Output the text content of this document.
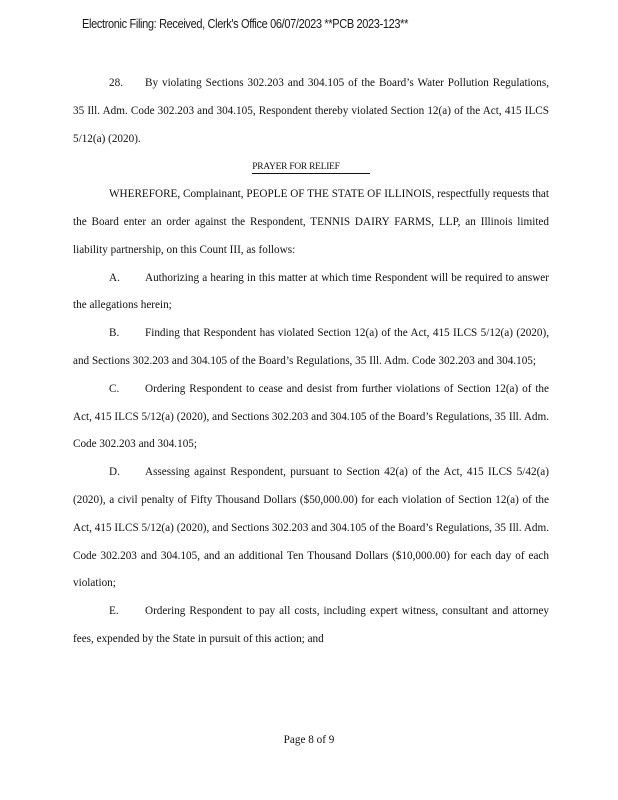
Electronic Filing: Received, Clerk's Office 06/07/2023 **PCB 2023-123**

28. By violating Sections 302.203 and 304.105 of the Board’s Water Pollution Regulations, 35 Ill. Adm. Code 302.203 and 304.105, Respondent thereby violated Section 12(a) of the Act, 415 ILCS 5/12(a) (2020).

PRAYER FOR RELIEF

WHEREFORE, Complainant, PEOPLE OF THE STATE OF ILLINOIS, respectfully requests that the Board enter an order against the Respondent, TENNIS DAIRY FARMS, LLP, an Illinois limited liability partnership, on this Count III, as follows:

A. Authorizing a hearing in this matter at which time Respondent will be required to answer the allegations herein;

B. Finding that Respondent has violated Section 12(a) of the Act, 415 ILCS 5/12(a) (2020), and Sections 302.203 and 304.105 of the Board’s Regulations, 35 Ill. Adm. Code 302.203 and 304.105;

C. Ordering Respondent to cease and desist from further violations of Section 12(a) of the Act, 415 ILCS 5/12(a) (2020), and Sections 302.203 and 304.105 of the Board’s Regulations, 35 Ill. Adm. Code 302.203 and 304.105;

D. Assessing against Respondent, pursuant to Section 42(a) of the Act, 415 ILCS 5/42(a) (2020), a civil penalty of Fifty Thousand Dollars ($50,000.00) for each violation of Section 12(a) of the Act, 415 ILCS 5/12(a) (2020), and Sections 302.203 and 304.105 of the Board’s Regulations, 35 Ill. Adm. Code 302.203 and 304.105, and an additional Ten Thousand Dollars ($10,000.00) for each day of each violation;

E. Ordering Respondent to pay all costs, including expert witness, consultant and attorney fees, expended by the State in pursuit of this action; and

Page 8 of 9
